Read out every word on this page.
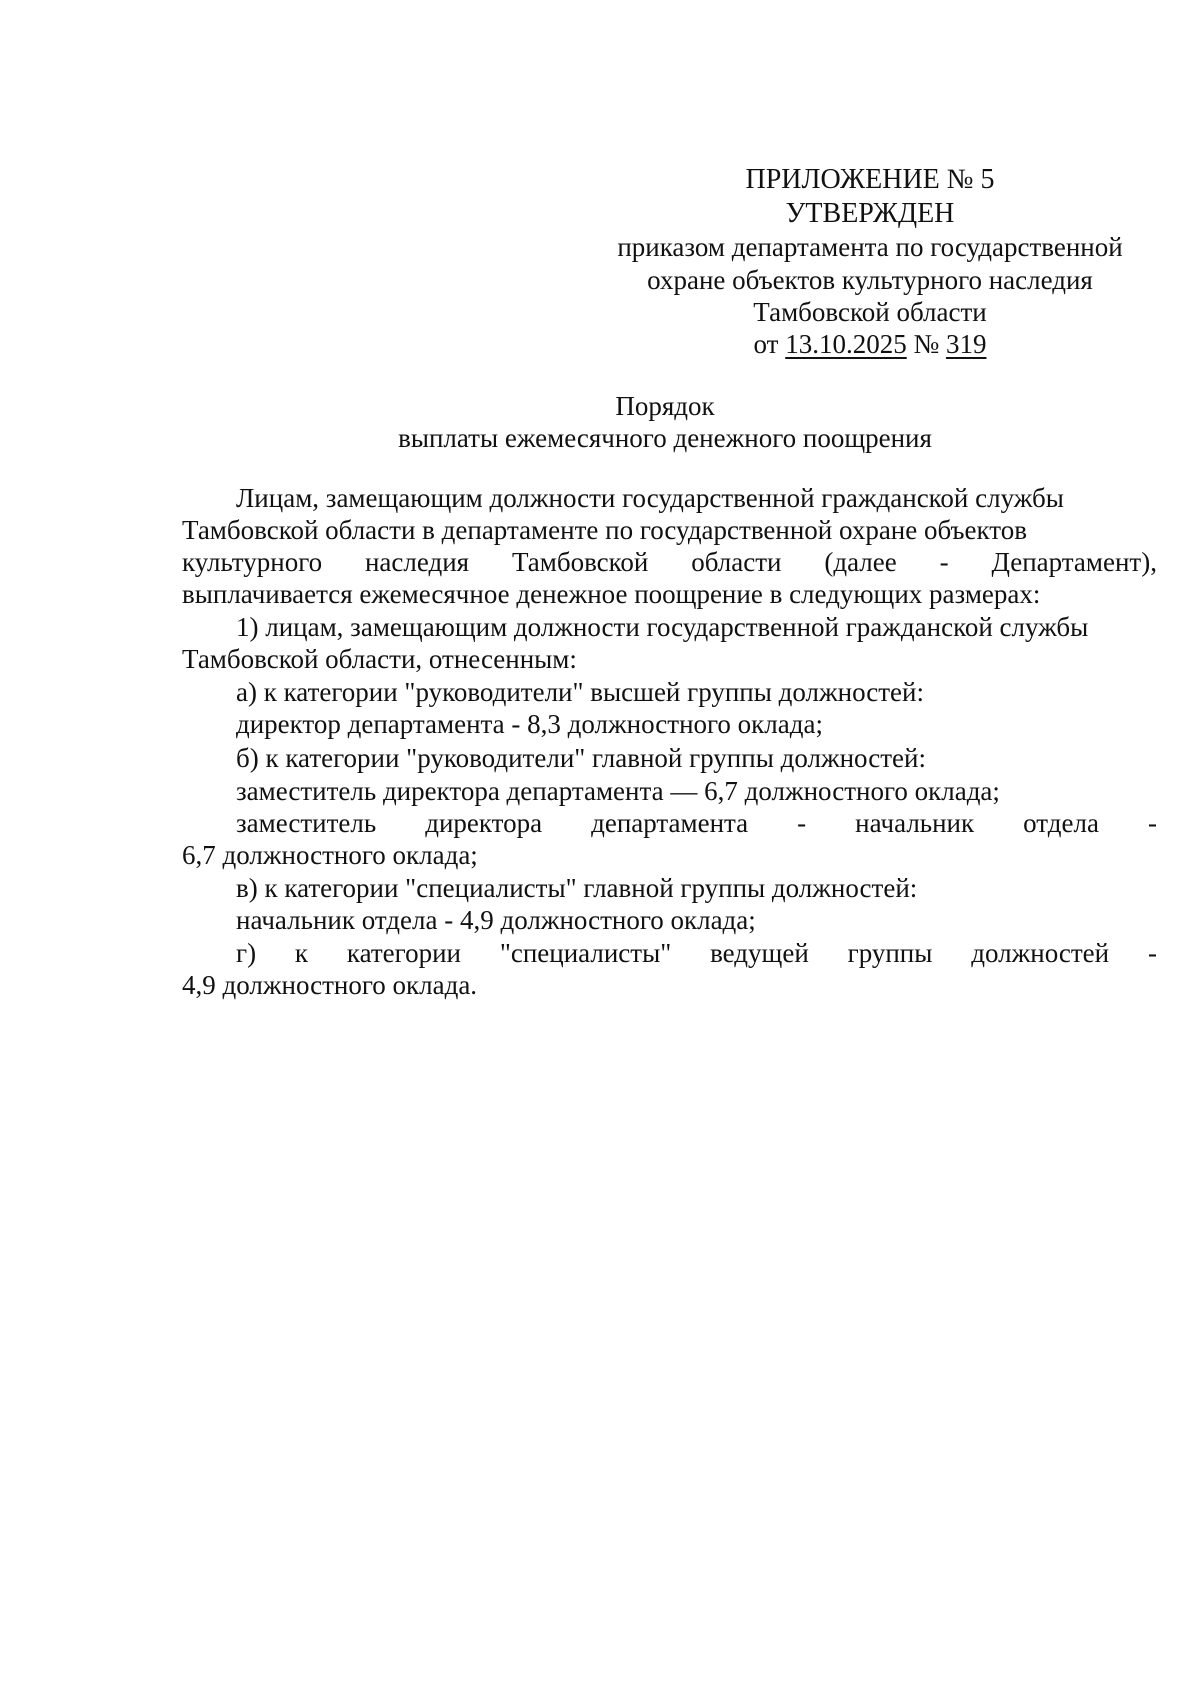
ПРИЛОЖЕНИЕ № 5
УТВЕРЖДЕН
приказом департамента по государственной
охране объектов культурного наследия
Тамбовской области
от 13.10.2025 № 319
Порядок
выплаты ежемесячного денежного поощрения
Лицам, замещающим должности государственной гражданской службы
Тамбовской области в департаменте по государственной охране объектов
культурного наследия Тамбовской области (далее - Департамент),
выплачивается ежемесячное денежное поощрение в следующих размерах:
1) лицам, замещающим должности государственной гражданской службы
Тамбовской области, отнесенным:
а) к категории "руководители" высшей группы должностей:
директор департамента - 8,3 должностного оклада;
б) к категории "руководители" главной группы должностей:
заместитель директора департамента — 6,7 должностного оклада;
заместитель директора департамента - начальник отдела -
6,7 должностного оклада;
в) к категории "специалисты" главной группы должностей:
начальник отдела - 4,9 должностного оклада;
г) к категории "специалисты" ведущей группы должностей -
4,9 должностного оклада.
